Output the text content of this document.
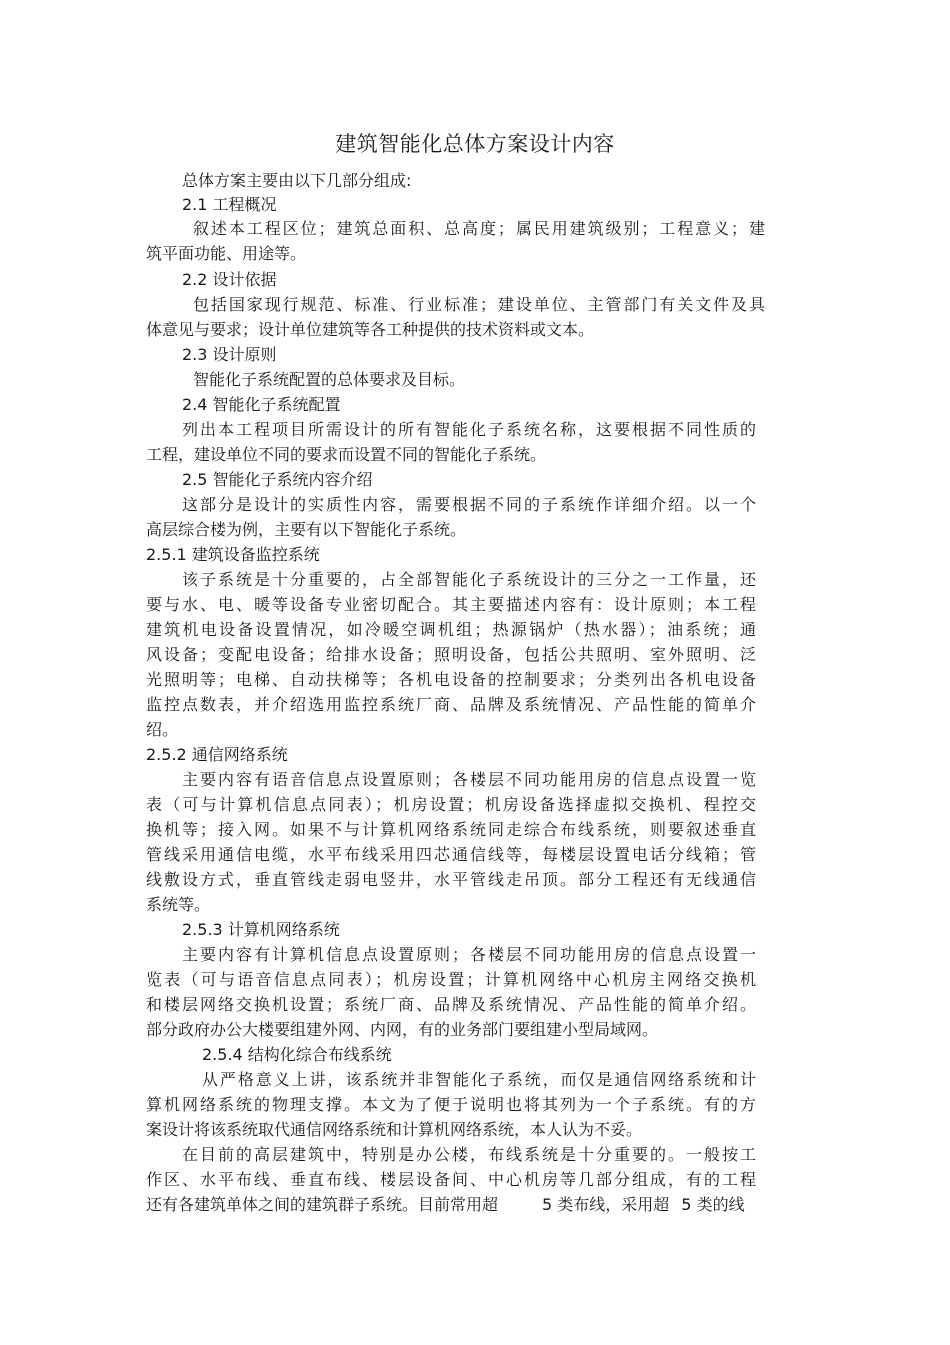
建筑智能化总体方案设计内容
总体方案主要由以下几部分组成:
2.1 工程概况
叙述本工程区位；建筑总面积、总高度；属民用建筑级别；工程意义；建
筑平面功能、用途等。
2.2 设计依据
包括国家现行规范、标准、行业标准；建设单位、主管部门有关文件及具
体意见与要求；设计单位建筑等各工种提供的技术资料或文本。
2.3 设计原则
智能化子系统配置的总体要求及目标。
2.4 智能化子系统配置
列出本工程项目所需设计的所有智能化子系统名称，这要根据不同性质的
工程，建设单位不同的要求而设置不同的智能化子系统。
2.5 智能化子系统内容介绍
这部分是设计的实质性内容，需要根据不同的子系统作详细介绍。以一个
高层综合楼为例，主要有以下智能化子系统。
2.5.1 建筑设备监控系统
该子系统是十分重要的，占全部智能化子系统设计的三分之一工作量，还
要与水、电、暖等设备专业密切配合。其主要描述内容有：设计原则；本工程
建筑机电设备设置情况，如冷暖空调机组；热源锅炉（热水器）；油系统；通
风设备；变配电设备；给排水设备；照明设备，包括公共照明、室外照明、泛
光照明等；电梯、自动扶梯等；各机电设备的控制要求；分类列出各机电设备
监控点数表，并介绍选用监控系统厂商、品牌及系统情况、产品性能的简单介
绍。
2.5.2 通信网络系统
主要内容有语音信息点设置原则；各楼层不同功能用房的信息点设置一览
表（可与计算机信息点同表）；机房设置；机房设备选择虚拟交换机、程控交
换机等；接入网。如果不与计算机网络系统同走综合布线系统，则要叙述垂直
管线采用通信电缆，水平布线采用四芯通信线等，每楼层设置电话分线箱；管
线敷设方式，垂直管线走弱电竖井，水平管线走吊顶。部分工程还有无线通信
系统等。
2.5.3 计算机网络系统
主要内容有计算机信息点设置原则；各楼层不同功能用房的信息点设置一
览表（可与语音信息点同表）；机房设置；计算机网络中心机房主网络交换机
和楼层网络交换机设置；系统厂商、品牌及系统情况、产品性能的简单介绍。
部分政府办公大楼要组建外网、内网，有的业务部门要组建小型局域网。
2.5.4 结构化综合布线系统
从严格意义上讲，该系统并非智能化子系统，而仅是通信网络系统和计
算机网络系统的物理支撑。本文为了便于说明也将其列为一个子系统。有的方
案设计将该系统取代通信网络系统和计算机网络系统，本人认为不妥。
在目前的高层建筑中，特别是办公楼，布线系统是十分重要的。一般按工
作区、水平布线、垂直布线、楼层设备间、中心机房等几部分组成，有的工程
还有各建筑单体之间的建筑群子系统。目前常用超	5 类布线，采用超 5 类的线
